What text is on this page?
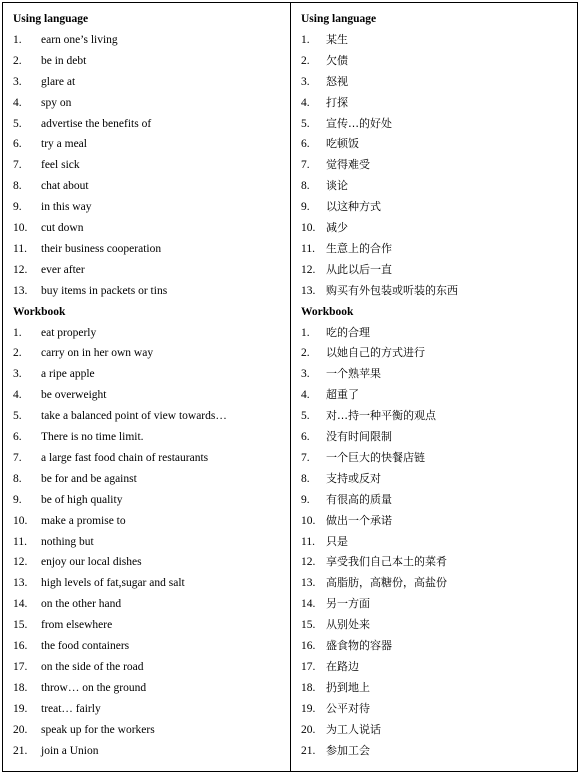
Using language
1.	earn one’s living
2.	be in debt
3.	glare at
4.	spy on
5.	advertise the benefits of
6.	try a meal
7.	feel sick
8.	chat about
9.	in this way
10.	cut down
11.	their business cooperation
12.	ever after
13.	buy items in packets or tins
Workbook
1.	eat properly
2.	carry on in her own way
3.	a ripe apple
4.	be overweight
5.	take a balanced point of view towards…
6.	There is no time limit.
7.	a large fast food chain of restaurants
8.	be for and be against
9.	be of high quality
10.	make a promise to
11.	nothing but
12.	enjoy our local dishes
13.	high levels of fat,sugar and salt
14.	on the other hand
15.	from elsewhere
16.	the food containers
17.	on the side of the road
18.	throw… on the ground
19.	treat… fairly
20.	speak up for the workers
21.	join a Union
Using language
1.	某生
2.	欠债
3.	怒视
4.	打探
5.	宣传…的好处
6.	吃顿饭
7.	觉得难受
8.	谈论
9.	以这种方式
10. 减少
11.	生意上的合作
12. 从此以后一直
13. 购买有外包装或听装的东西
Workbook
1.	吃的合理
2.	以她自己的方式进行
3.	一个熟苹果
4.	超重了
5.	对…持一种平衡的观点
6.	没有时间限制
7.	一个巨大的快餐店链
8.	支持或反对
9.	有很高的质量
10. 做出一个承诺
11.	只是
12. 享受我们自己本土的菜肴
13. 高脂肪，高糖份，高盐份
14. 另一方面
15. 从别处来
16. 盛食物的容器
17. 在路边
18. 扔到地上
19. 公平对待
20. 为工人说话
21. 参加工会
